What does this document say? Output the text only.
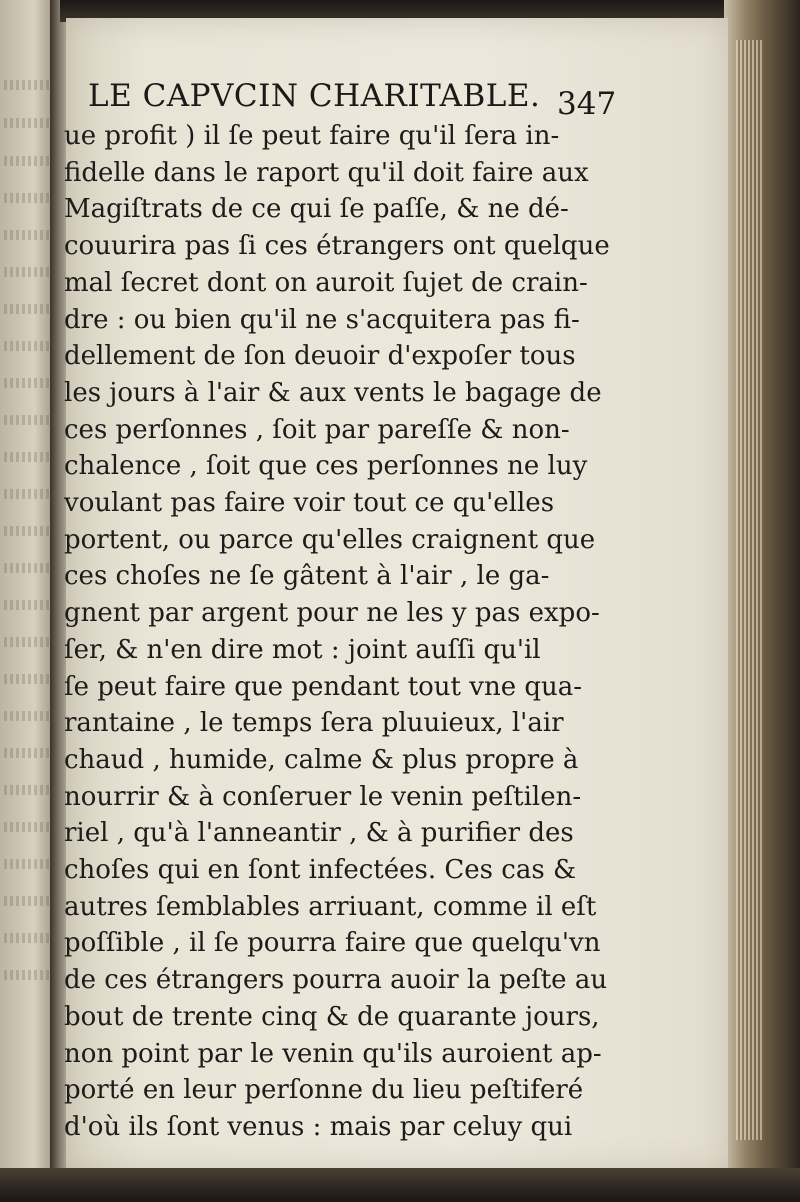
LE CAPVCIN CHARITABLE. 347
ue profit ) il ſe peut faire qu'il ſera in-
fidelle dans le raport qu'il doit faire aux
Magiſtrats de ce qui ſe paſſe, & ne dé-
couurira pas ſi ces étrangers ont quelque
mal ſecret dont on auroit ſujet de crain-
dre : ou bien qu'il ne s'acquitera pas fi-
dellement de ſon deuoir d'expoſer tous
les jours à l'air & aux vents le bagage de
ces perſonnes , ſoit par pareſſe & non-
chalence , ſoit que ces perſonnes ne luy
voulant pas faire voir tout ce qu'elles
portent, ou parce qu'elles craignent que
ces choſes ne ſe gâtent à l'air , le ga-
gnent par argent pour ne les y pas expo-
ſer, & n'en dire mot : joint auſſi qu'il
ſe peut faire que pendant tout vne qua-
rantaine , le temps ſera pluuieux, l'air
chaud , humide, calme & plus propre à
nourrir & à conſeruer le venin peſtilen-
riel , qu'à l'anneantir , & à purifier des
choſes qui en ſont infectées. Ces cas &
autres ſemblables arriuant, comme il eſt
poſſible , il ſe pourra faire que quelqu'vn
de ces étrangers pourra auoir la peſte au
bout de trente cinq & de quarante jours,
non point par le venin qu'ils auroient ap-
porté en leur perſonne du lieu peſtiferé
d'où ils ſont venus : mais par celuy qui
